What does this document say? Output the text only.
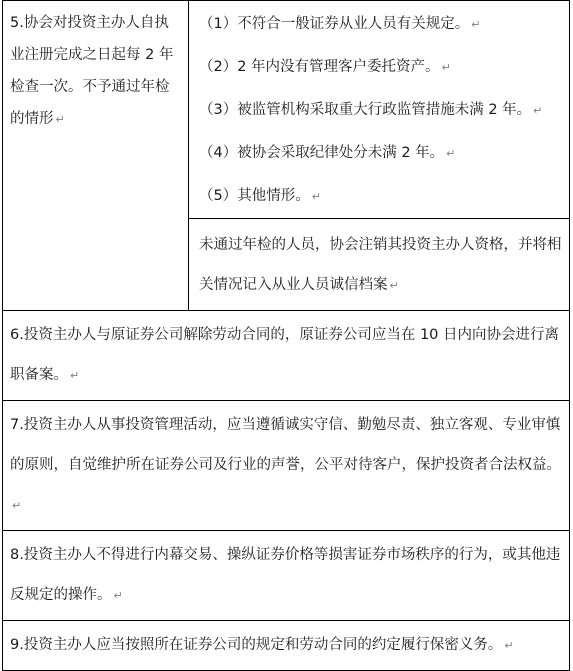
5.协会对投资主办人自执业注册完成之日起每 2 年检查一次。不予通过年检的情形 ↵
（1）不符合一般证券从业人员有关规定。 ↵
（2）2 年内没有管理客户委托资产。 ↵
（3）被监管机构采取重大行政监管措施未满 2 年。 ↵
（4）被协会采取纪律处分未满 2 年。 ↵
（5）其他情形。 ↵
未通过年检的人员，协会注销其投资主办人资格，并将相关情况记入从业人员诚信档案 ↵
6.投资主办人与原证券公司解除劳动合同的，原证券公司应当在 10 日内向协会进行离职备案。 ↵
7.投资主办人从事投资管理活动，应当遵循诚实守信、勤勉尽责、独立客观、专业审慎的原则，自觉维护所在证券公司及行业的声誉，公平对待客户，保护投资者合法权益。↵
8.投资主办人不得进行内幕交易、操纵证券价格等损害证券市场秩序的行为，或其他违反规定的操作。 ↵
9.投资主办人应当按照所在证券公司的规定和劳动合同的约定履行保密义务。 ↵
